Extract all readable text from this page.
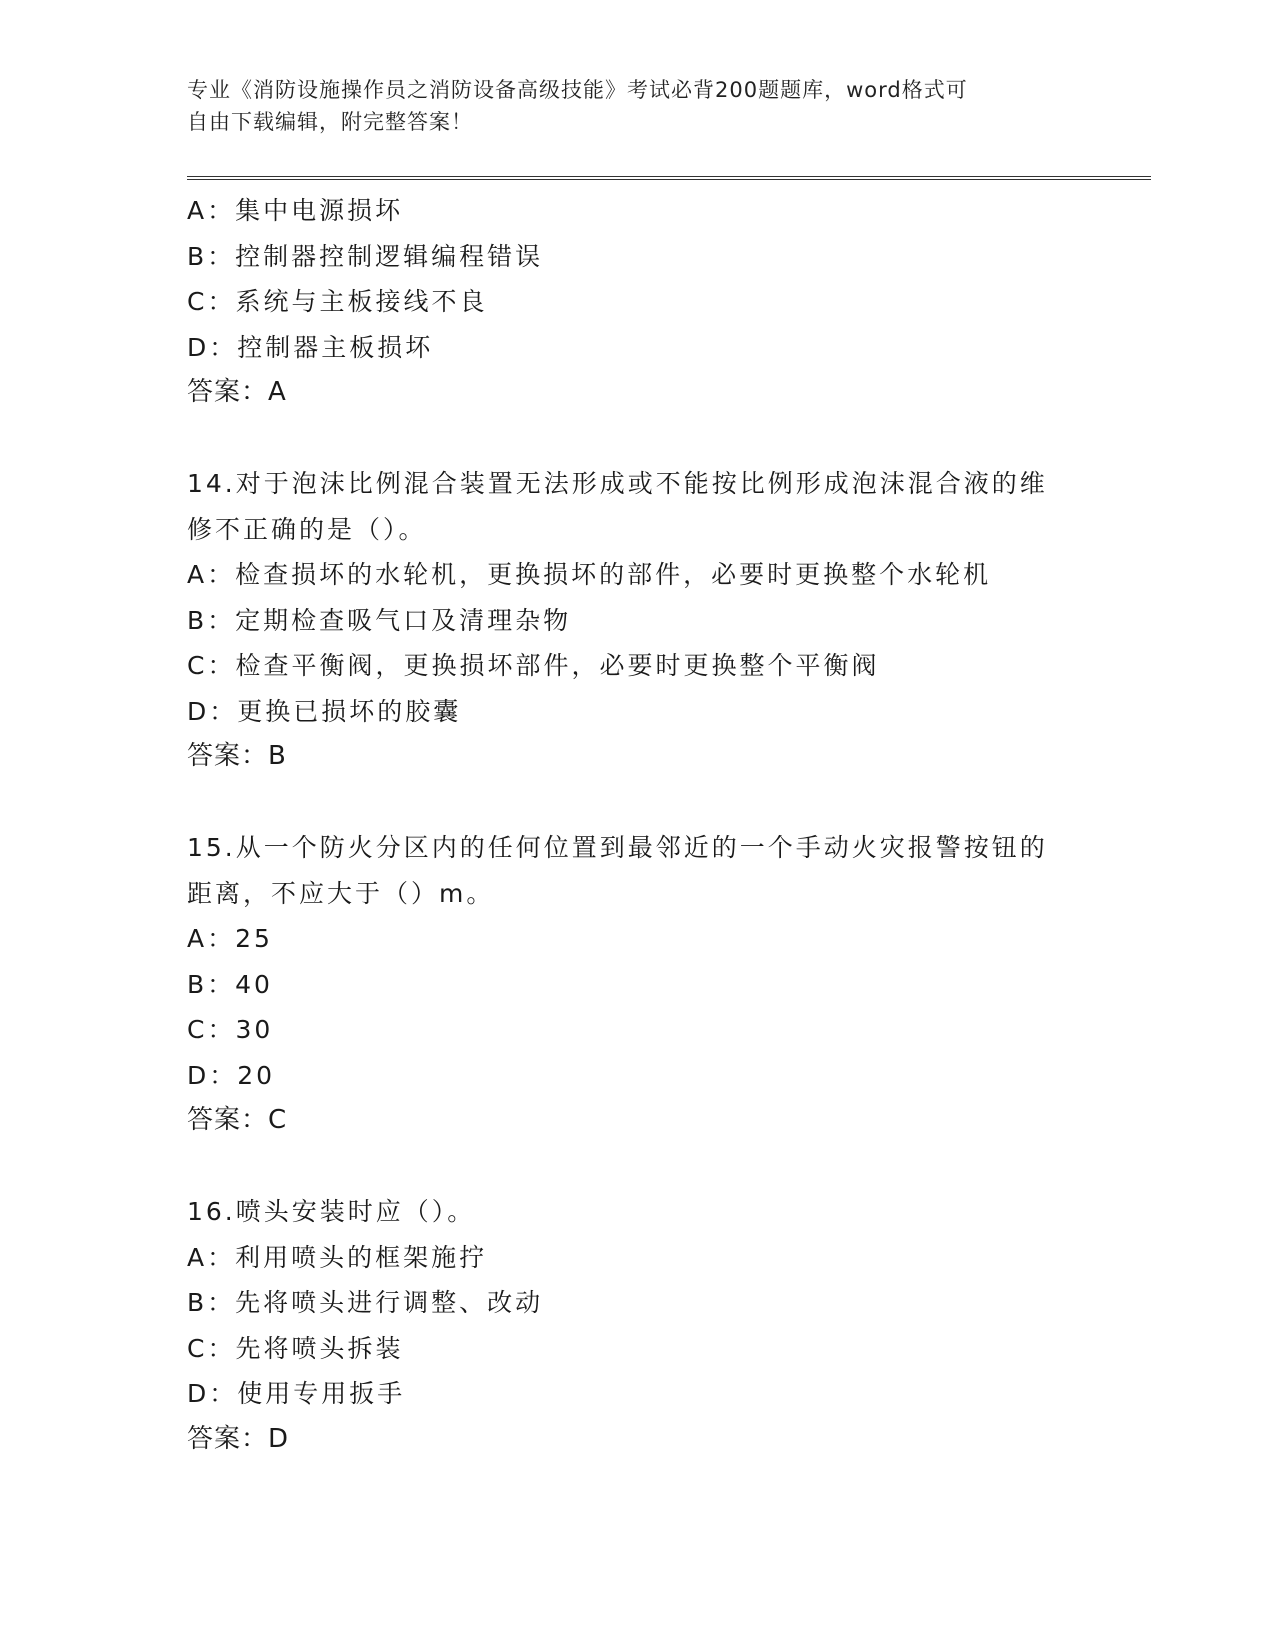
专业《消防设施操作员之消防设备高级技能》考试必背200题题库，word格式可
自由下载编辑，附完整答案！
A：集中电源损坏
B：控制器控制逻辑编程错误
C：系统与主板接线不良
D：控制器主板损坏
答案：A
14.对于泡沫比例混合装置无法形成或不能按比例形成泡沫混合液的维
修不正确的是（）。
A：检查损坏的水轮机，更换损坏的部件，必要时更换整个水轮机
B：定期检查吸气口及清理杂物
C：检查平衡阀，更换损坏部件，必要时更换整个平衡阀
D：更换已损坏的胶囊
答案：B
15.从一个防火分区内的任何位置到最邻近的一个手动火灾报警按钮的
距离，不应大于（）m。
A：25
B：40
C：30
D：20
答案：C
16.喷头安装时应（）。
A：利用喷头的框架施拧
B：先将喷头进行调整、改动
C：先将喷头拆装
D：使用专用扳手
答案：D
